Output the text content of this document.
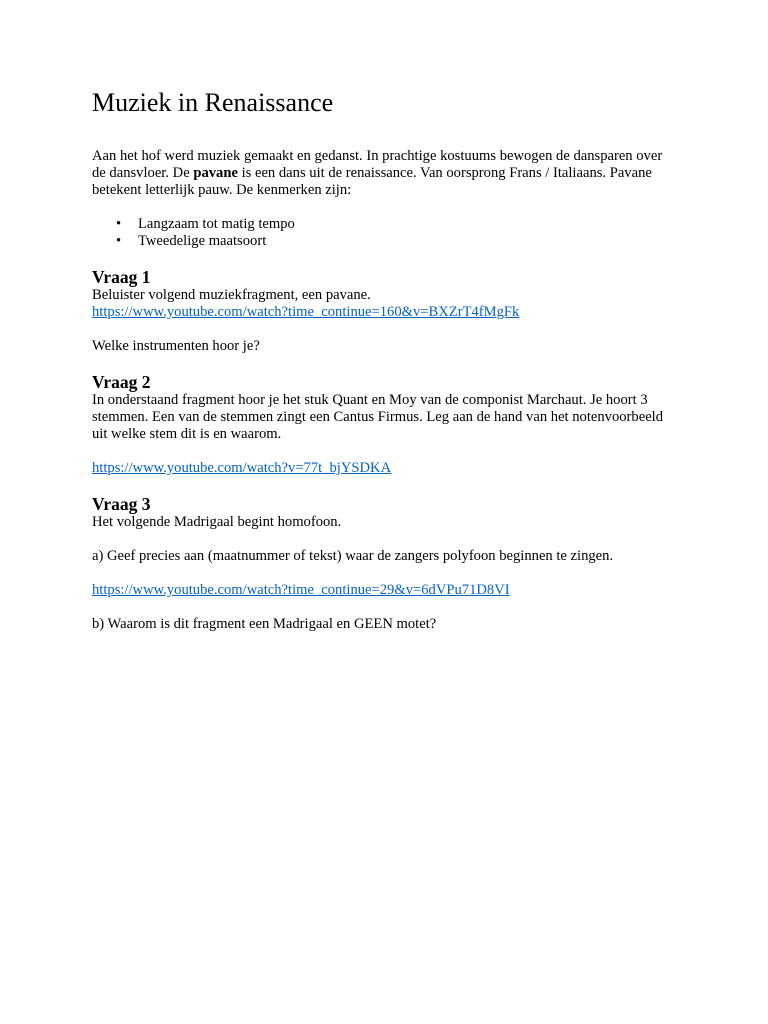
Muziek in Renaissance

Aan het hof werd muziek gemaakt en gedanst. In prachtige kostuums bewogen de dansparen over de dansvloer. De pavane is een dans uit de renaissance. Van oorsprong Frans / Italiaans. Pavane betekent letterlijk pauw. De kenmerken zijn:

• Langzaam tot matig tempo
• Tweedelige maatsoort
Vraag 1

Beluister volgend muziekfragment, een pavane.

https://www.youtube.com/watch?time_continue=160&v=BXZrT4fMgFk

Welke instrumenten hoor je?

Vraag 2

In onderstaand fragment hoor je het stuk Quant en Moy van de componist Marchaut. Je hoort 3 stemmen. Een van de stemmen zingt een Cantus Firmus. Leg aan de hand van het notenvoorbeeld uit welke stem dit is en waarom.

https://www.youtube.com/watch?v=77t_bjYSDKA

Vraag 3

Het volgende Madrigaal begint homofoon.

a) Geef precies aan (maatnummer of tekst) waar de zangers polyfoon beginnen te zingen.

https://www.youtube.com/watch?time_continue=29&v=6dVPu71D8VI

b) Waarom is dit fragment een Madrigaal en GEEN motet?
